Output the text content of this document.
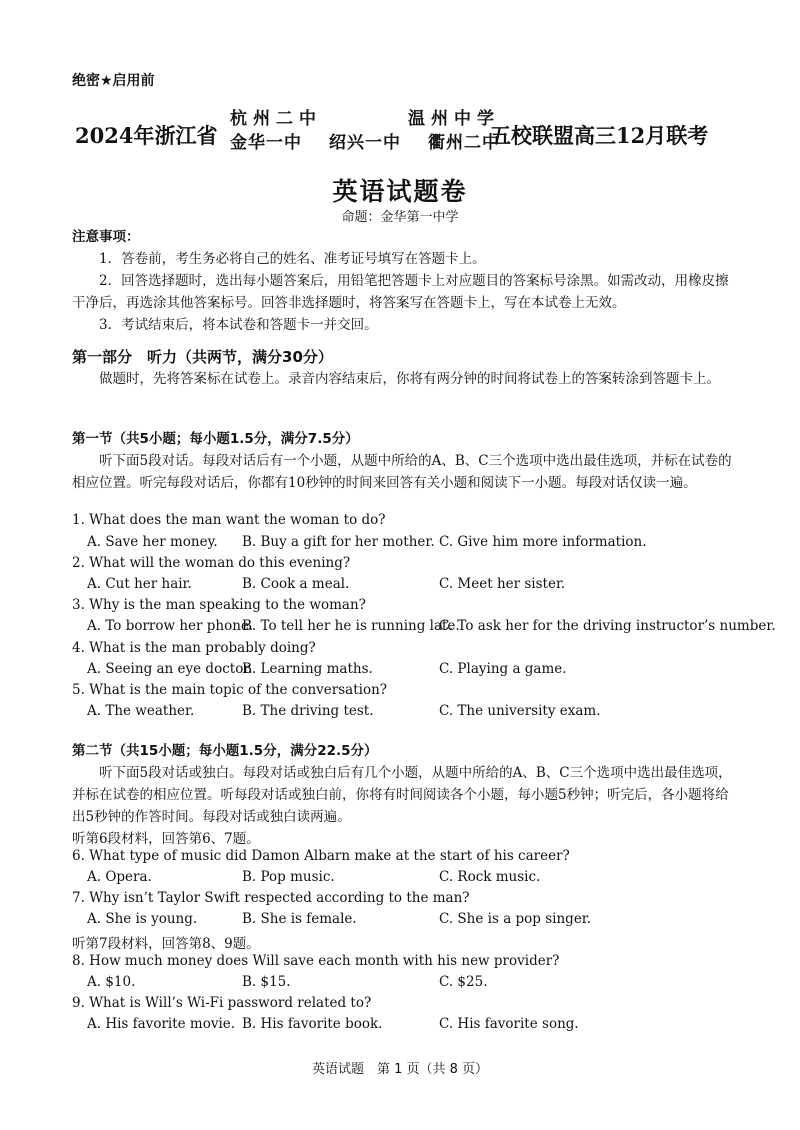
绝密★启用前
2024年浙江省
杭州二中	温州中学
金华一中 绍兴一中 衢州二中
五校联盟高三12月联考
英语试题卷
命题：金华第一中学
注意事项：
1．答卷前，考生务必将自己的姓名、准考证号填写在答题卡上。
2．回答选择题时，选出每小题答案后，用铅笔把答题卡上对应题目的答案标号涂黑。如需改动，用橡皮擦干净后，再选涂其他答案标号。回答非选择题时，将答案写在答题卡上，写在本试卷上无效。
3．考试结束后，将本试卷和答题卡一并交回。
第一部分　听力（共两节，满分30分）
做题时，先将答案标在试卷上。录音内容结束后，你将有两分钟的时间将试卷上的答案转涂到答题卡上。
第一节（共5小题；每小题1.5分，满分7.5分）
听下面5段对话。每段对话后有一个小题，从题中所给的A、B、C三个选项中选出最佳选项，并标在试卷的相应位置。听完每段对话后，你都有10秒钟的时间来回答有关小题和阅读下一小题。每段对话仅读一遍。
1. What does the man want the woman to do?
A. Save her money. B. Buy a gift for her mother. C. Give him more information.
2. What will the woman do this evening?
A. Cut her hair.	B. Cook a meal.	C. Meet her sister.
3. Why is the man speaking to the woman?
A. To borrow her phone.
B. To tell her he is running late.
C. To ask her for the driving instructor’s number.
4. What is the man probably doing?
A. Seeing an eye doctor.
B. Learning maths.	C. Playing a game.
5. What is the main topic of the conversation?
A. The weather.	B. The driving test.	C. The university exam.
第二节（共15小题；每小题1.5分，满分22.5分）
听下面5段对话或独白。每段对话或独白后有几个小题，从题中所给的A、B、C三个选项中选出最佳选项，并标在试卷的相应位置。听每段对话或独白前，你将有时间阅读各个小题，每小题5秒钟；听完后，各小题将给出5秒钟的作答时间。每段对话或独白读两遍。
听第6段材料，回答第6、7题。
6. What type of music did Damon Albarn make at the start of his career?
A. Opera.	B. Pop music.	C. Rock music.
7. Why isn’t Taylor Swift respected according to the man?
A. She is young.	B. She is female.	C. She is a pop singer.
听第7段材料，回答第8、9题。
8. How much money does Will save each month with his new provider?
A. $10.	B. $15.	C. $25.
9. What is Will’s Wi-Fi password related to?
A. His favorite movie. B. His favorite book.	C. His favorite song.
英语试题　第 1 页（共 8 页）
